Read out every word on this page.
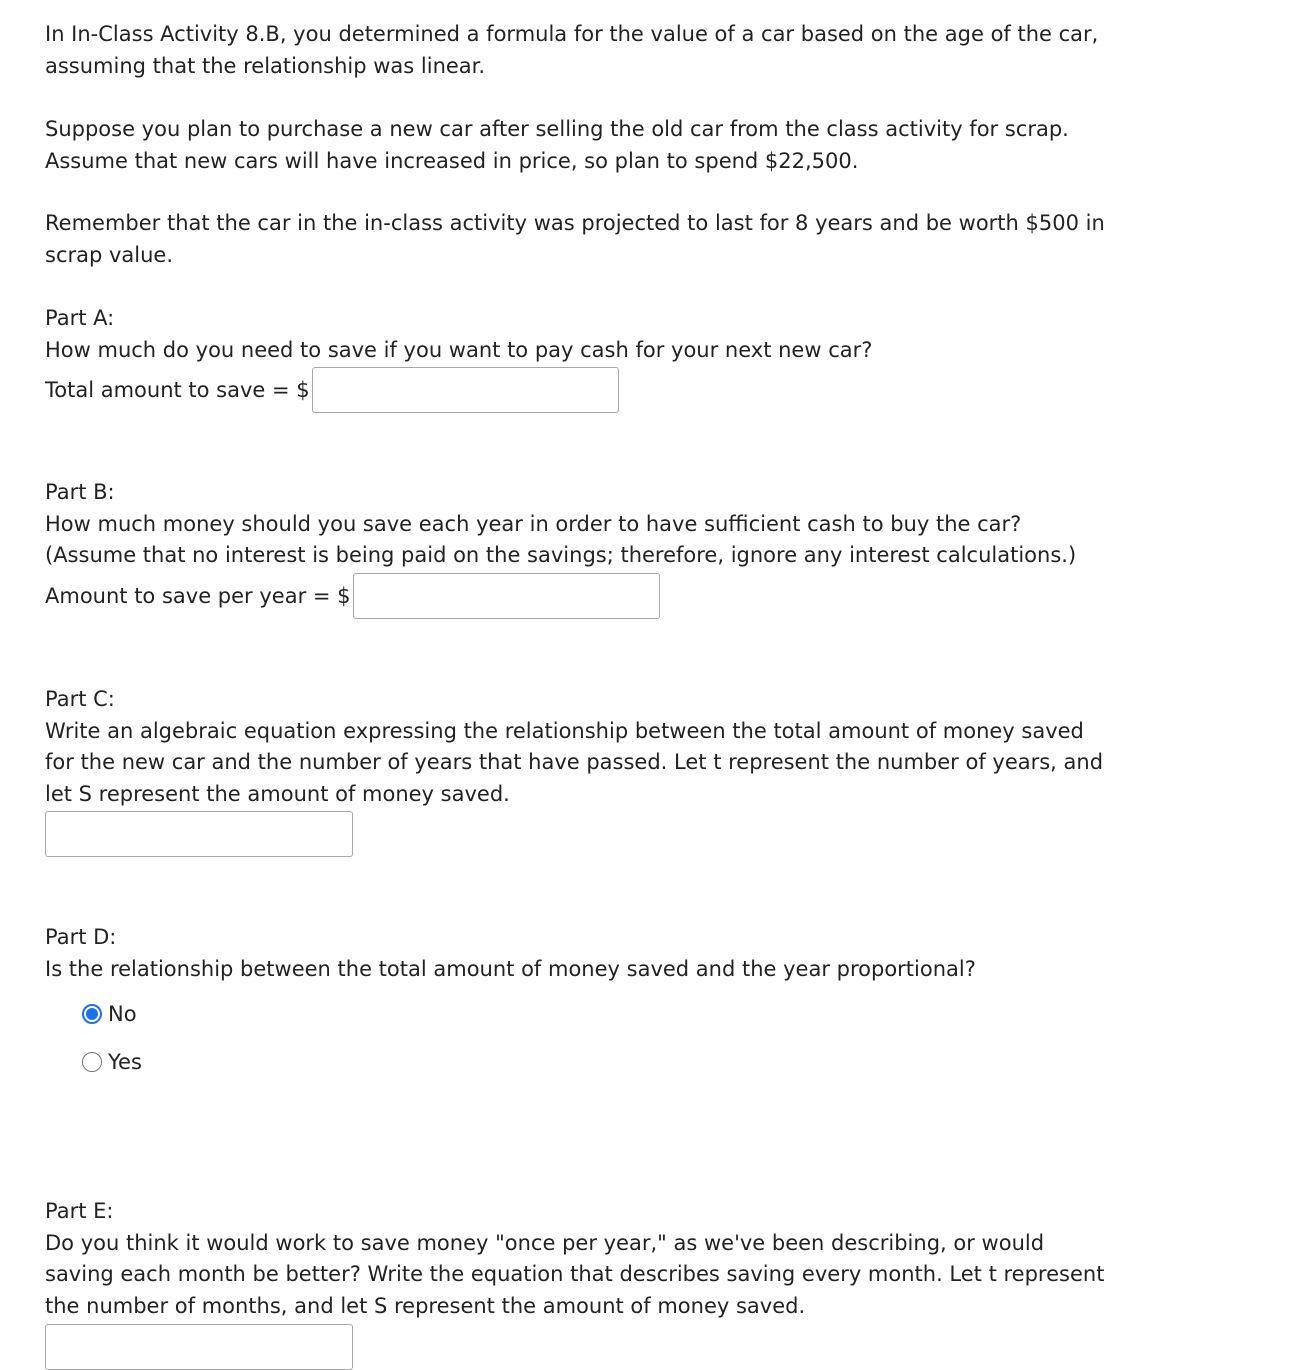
In In-Class Activity 8.B, you determined a formula for the value of a car based on the age of the car,
assuming that the relationship was linear.

Suppose you plan to purchase a new car after selling the old car from the class activity for scrap.
Assume that new cars will have increased in price, so plan to spend $22,500.

Remember that the car in the in-class activity was projected to last for 8 years and be worth $500 in
scrap value.

Part A:
How much do you need to save if you want to pay cash for your next new car?

Total amount to save = $

Part B:
How much money should you save each year in order to have sufficient cash to buy the car?
(Assume that no interest is being paid on the savings; therefore, ignore any interest calculations.)

Amount to save per year = $

Part C:
Write an algebraic equation expressing the relationship between the total amount of money saved
for the new car and the number of years that have passed. Let t represent the number of years, and
let S represent the amount of money saved.

Part D:
Is the relationship between the total amount of money saved and the year proportional?

No
Yes

Part E:
Do you think it would work to save money "once per year," as we've been describing, or would
saving each month be better? Write the equation that describes saving every month. Let t represent
the number of months, and let S represent the amount of money saved.
